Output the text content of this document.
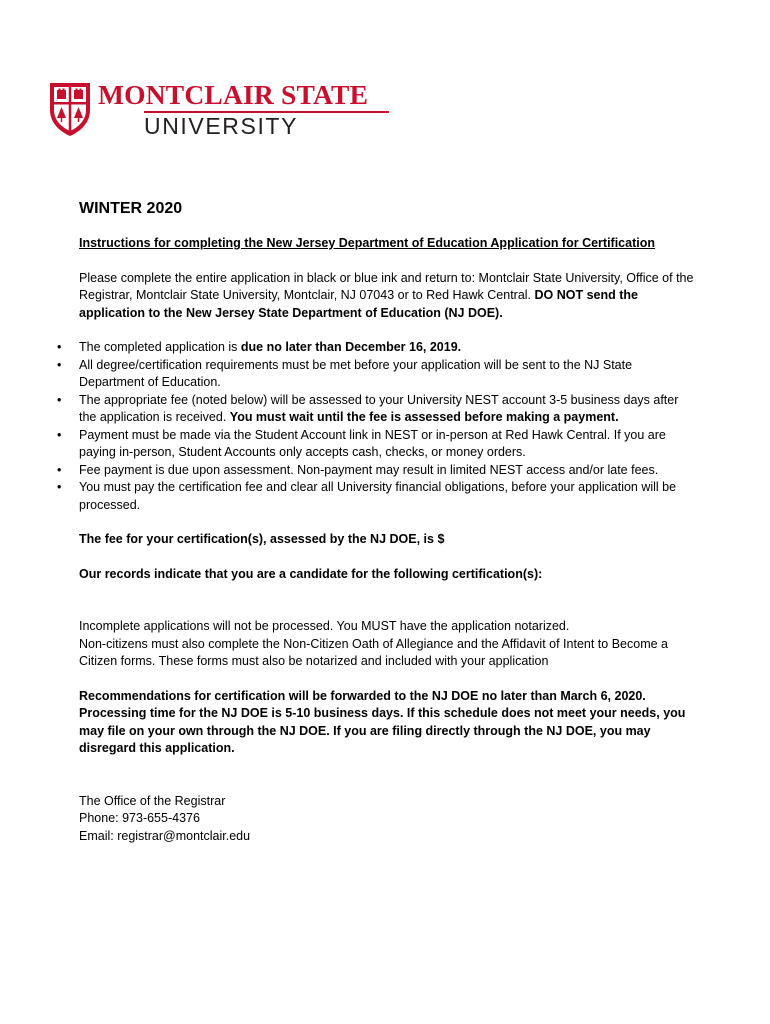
MONTCLAIR STATE
UNIVERSITY
WINTER 2020
Instructions for completing the New Jersey Department of Education Application for Certification

Please complete the entire application in black or blue ink and return to: Montclair State University, Office of the Registrar, Montclair State University, Montclair, NJ 07043 or to Red Hawk Central. DO NOT send the application to the New Jersey State Department of Education (NJ DOE).

• The completed application is due no later than December 16, 2019.
• All degree/certification requirements must be met before your application will be sent to the NJ State Department of Education.
• The appropriate fee (noted below) will be assessed to your University NEST account 3-5 business days after the application is received. You must wait until the fee is assessed before making a payment.
• Payment must be made via the Student Account link in NEST or in-person at Red Hawk Central. If you are paying in-person, Student Accounts only accepts cash, checks, or money orders.
• Fee payment is due upon assessment. Non-payment may result in limited NEST access and/or late fees.
• You must pay the certification fee and clear all University financial obligations, before your application will be processed.

The fee for your certification(s), assessed by the NJ DOE, is $

Our records indicate that you are a candidate for the following certification(s):

Incomplete applications will not be processed. You MUST have the application notarized.

Non-citizens must also complete the Non-Citizen Oath of Allegiance and the Affidavit of Intent to Become a Citizen forms. These forms must also be notarized and included with your application

Recommendations for certification will be forwarded to the NJ DOE no later than March 6, 2020. Processing time for the NJ DOE is 5-10 business days. If this schedule does not meet your needs, you may file on your own through the NJ DOE. If you are filing directly through the NJ DOE, you may disregard this application.

The Office of the Registrar

Phone: 973-655-4376

Email: registrar@montclair.edu
